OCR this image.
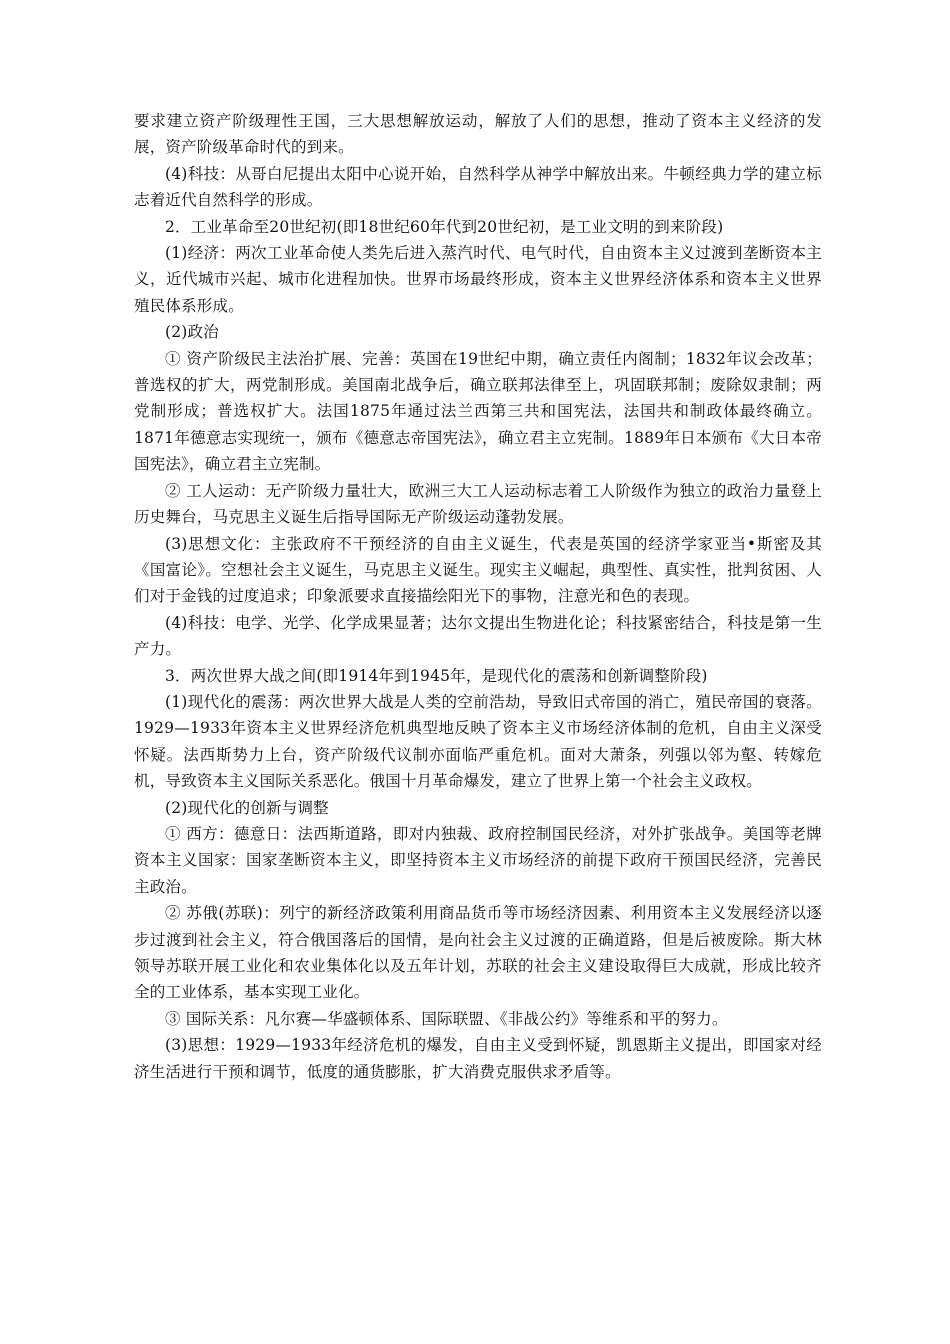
要求建立资产阶级理性王国，三大思想解放运动，解放了人们的思想，推动了资本主义经济的发展，资产阶级革命时代的到来。

(4)科技：从哥白尼提出太阳中心说开始，自然科学从神学中解放出来。牛顿经典力学的建立标志着近代自然科学的形成。

2．工业革命至20世纪初(即18世纪60年代到20世纪初，是工业文明的到来阶段)

(1)经济：两次工业革命使人类先后进入蒸汽时代、电气时代，自由资本主义过渡到垄断资本主义，近代城市兴起、城市化进程加快。世界市场最终形成，资本主义世界经济体系和资本主义世界殖民体系形成。

(2)政治

① 资产阶级民主法治扩展、完善：英国在19世纪中期，确立责任内阁制；1832年议会改革；普选权的扩大，两党制形成。美国南北战争后，确立联邦法律至上，巩固联邦制；废除奴隶制；两党制形成；普选权扩大。法国1875年通过法兰西第三共和国宪法，法国共和制政体最终确立。1871年德意志实现统一，颁布《德意志帝国宪法》，确立君主立宪制。1889年日本颁布《大日本帝国宪法》，确立君主立宪制。

② 工人运动：无产阶级力量壮大，欧洲三大工人运动标志着工人阶级作为独立的政治力量登上历史舞台，马克思主义诞生后指导国际无产阶级运动蓬勃发展。

(3)思想文化：主张政府不干预经济的自由主义诞生，代表是英国的经济学家亚当•斯密及其《国富论》。空想社会主义诞生，马克思主义诞生。现实主义崛起，典型性、真实性，批判贫困、人们对于金钱的过度追求；印象派要求直接描绘阳光下的事物，注意光和色的表现。

(4)科技：电学、光学、化学成果显著；达尔文提出生物进化论；科技紧密结合，科技是第一生产力。

3．两次世界大战之间(即1914年到1945年，是现代化的震荡和创新调整阶段)

(1)现代化的震荡：两次世界大战是人类的空前浩劫，导致旧式帝国的消亡，殖民帝国的衰落。1929—1933年资本主义世界经济危机典型地反映了资本主义市场经济体制的危机，自由主义深受怀疑。法西斯势力上台，资产阶级代议制亦面临严重危机。面对大萧条，列强以邻为壑、转嫁危机，导致资本主义国际关系恶化。俄国十月革命爆发，建立了世界上第一个社会主义政权。

(2)现代化的创新与调整

① 西方：德意日：法西斯道路，即对内独裁、政府控制国民经济，对外扩张战争。美国等老牌资本主义国家：国家垄断资本主义，即坚持资本主义市场经济的前提下政府干预国民经济，完善民主政治。

② 苏俄(苏联)：列宁的新经济政策利用商品货币等市场经济因素、利用资本主义发展经济以逐步过渡到社会主义，符合俄国落后的国情，是向社会主义过渡的正确道路，但是后被废除。斯大林领导苏联开展工业化和农业集体化以及五年计划，苏联的社会主义建设取得巨大成就，形成比较齐全的工业体系，基本实现工业化。

③ 国际关系：凡尔赛—华盛顿体系、国际联盟、《非战公约》等维系和平的努力。

(3)思想：1929—1933年经济危机的爆发，自由主义受到怀疑，凯恩斯主义提出，即国家对经济生活进行干预和调节，低度的通货膨胀，扩大消费克服供求矛盾等。
